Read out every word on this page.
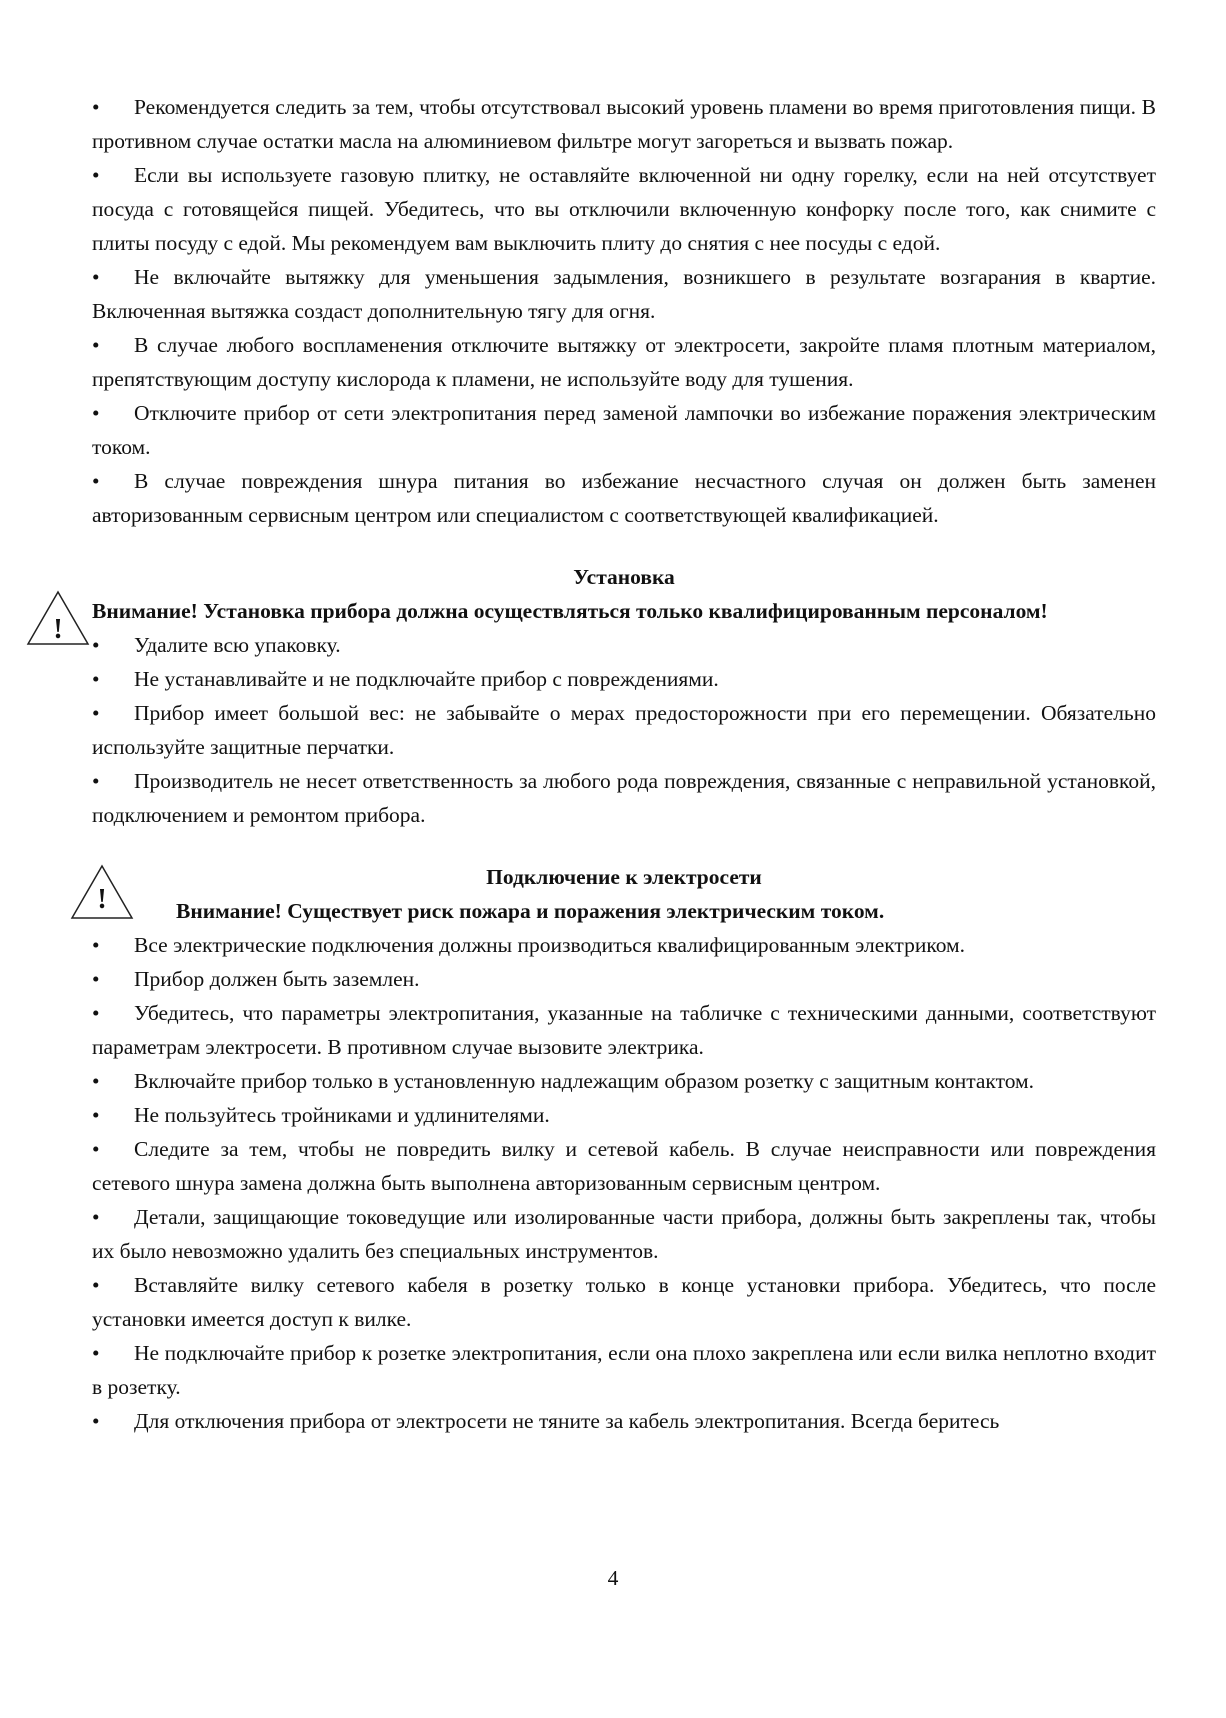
• Рекомендуется следить за тем, чтобы отсутствовал высокий уровень пламени во время приготовления пищи. В противном случае остатки масла на алюминиевом фильтре могут загореться и вызвать пожар.

• Если вы используете газовую плитку, не оставляйте включенной ни одну горелку, если на ней отсутствует посуда с готовящейся пищей. Убедитесь, что вы отключили включенную конфорку после того, как снимите с плиты посуду с едой. Мы рекомендуем вам выключить плиту до снятия с нее посуды с едой.

• Не включайте вытяжку для уменьшения задымления, возникшего в результате возгарания в квартие. Включенная вытяжка создаст дополнительную тягу для огня.

• В случае любого воспламенения отключите вытяжку от электросети, закройте пламя плотным материалом, препятствующим доступу кислорода к пламени, не используйте воду для тушения.

• Отключите прибор от сети электропитания перед заменой лампочки во избежание поражения электрическим током.

• В случае повреждения шнура питания во избежание несчастного случая он должен быть заменен авторизованным сервисным центром или специалистом с соответствующей квалификацией.

Установка

!

Внимание! Установка прибора должна осуществляться только квалифицированным персоналом!

• Удалите всю упаковку.

• Не устанавливайте и не подключайте прибор с повреждениями.

• Прибор имеет большой вес: не забывайте о мерах предосторожности при его перемещении. Обязательно используйте защитные перчатки.

• Производитель не несет ответственность за любого рода повреждения, связанные с неправильной установкой, подключением и ремонтом прибора.

!

Подключение к электросети

Внимание! Существует риск пожара и поражения электрическим током.

• Все электрические подключения должны производиться квалифицированным электриком.

• Прибор должен быть заземлен.

• Убедитесь, что параметры электропитания, указанные на табличке с техническими данными, соответствуют параметрам электросети. В противном случае вызовите электрика.

• Включайте прибор только в установленную надлежащим образом розетку с защитным контактом.

• Не пользуйтесь тройниками и удлинителями.

• Следите за тем, чтобы не повредить вилку и сетевой кабель. В случае неисправности или повреждения сетевого шнура замена должна быть выполнена авторизованным сервисным центром.

• Детали, защищающие токоведущие или изолированные части прибора, должны быть закреплены так, чтобы их было невозможно удалить без специальных инструментов.

• Вставляйте вилку сетевого кабеля в розетку только в конце установки прибора. Убедитесь, что после установки имеется доступ к вилке.

• Не подключайте прибор к розетке электропитания, если она плохо закреплена или если вилка неплотно входит в розетку.

• Для отключения прибора от электросети не тяните за кабель электропитания. Всегда беритесь

4
